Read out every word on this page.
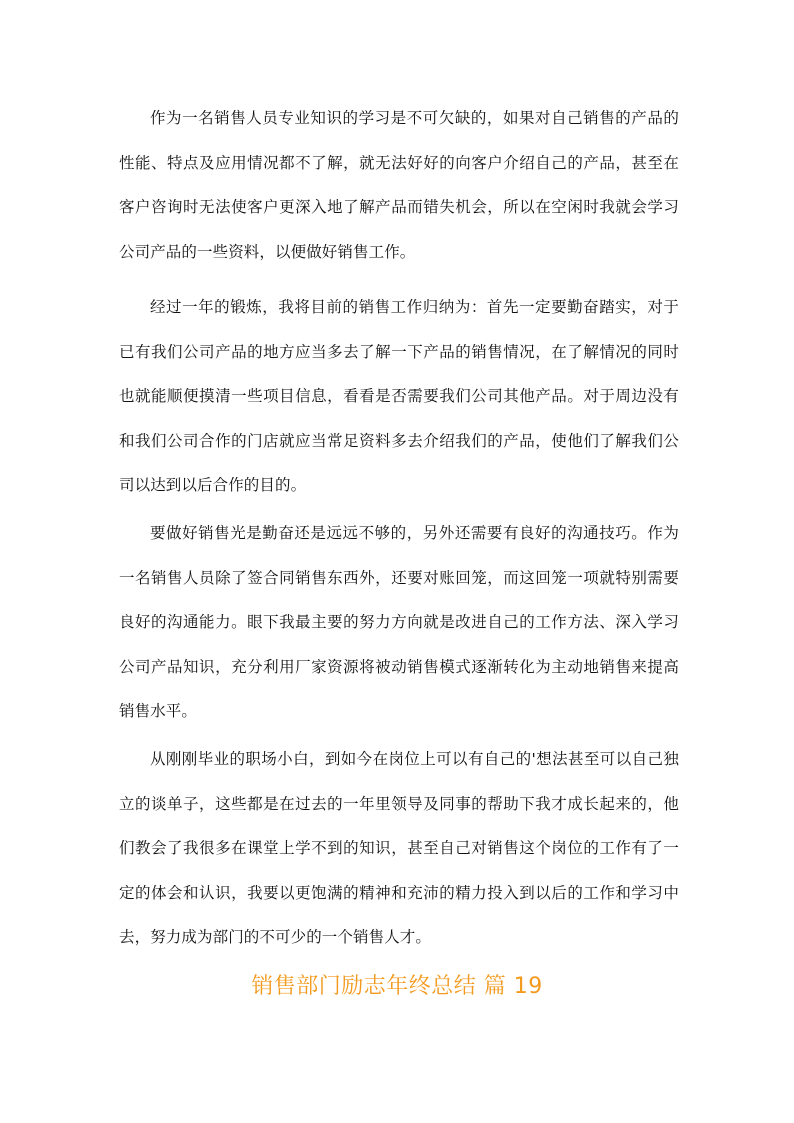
作为一名销售人员专业知识的学习是不可欠缺的，如果对自己销售的产品的性能、特点及应用情况都不了解，就无法好好的向客户介绍自己的产品，甚至在客户咨询时无法使客户更深入地了解产品而错失机会，所以在空闲时我就会学习公司产品的一些资料，以便做好销售工作。

经过一年的锻炼，我将目前的销售工作归纳为：首先一定要勤奋踏实，对于已有我们公司产品的地方应当多去了解一下产品的销售情况，在了解情况的同时也就能顺便摸清一些项目信息，看看是否需要我们公司其他产品。对于周边没有和我们公司合作的门店就应当常足资料多去介绍我们的产品，使他们了解我们公司以达到以后合作的目的。

要做好销售光是勤奋还是远远不够的，另外还需要有良好的沟通技巧。作为一名销售人员除了签合同销售东西外，还要对账回笼，而这回笼一项就特别需要良好的沟通能力。眼下我最主要的努力方向就是改进自己的工作方法、深入学习公司产品知识，充分利用厂家资源将被动销售模式逐渐转化为主动地销售来提高销售水平。

从刚刚毕业的职场小白，到如今在岗位上可以有自己的'想法甚至可以自己独立的谈单子，这些都是在过去的一年里领导及同事的帮助下我才成长起来的，他们教会了我很多在课堂上学不到的知识，甚至自己对销售这个岗位的工作有了一定的体会和认识，我要以更饱满的精神和充沛的精力投入到以后的工作和学习中去，努力成为部门的不可少的一个销售人才。

销售部门励志年终总结 篇 19
